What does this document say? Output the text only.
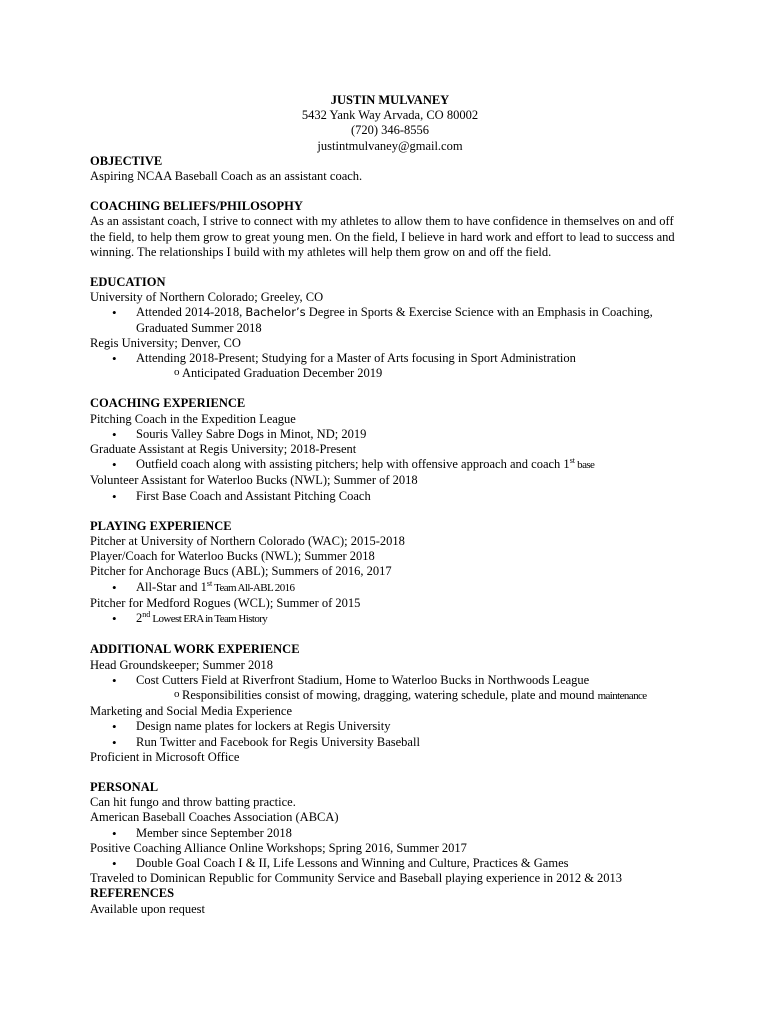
JUSTIN MULVANEY

5432 Yank Way Arvada, CO 80002

(720) 346-8556

justintmulvaney@gmail.com

OBJECTIVE

Aspiring NCAA Baseball Coach as an assistant coach.

COACHING BELIEFS/PHILOSOPHY

As an assistant coach, I strive to connect with my athletes to allow them to have confidence in themselves on and off the field, to help them grow to great young men. On the field, I believe in hard work and effort to lead to success and winning. The relationships I build with my athletes will help them grow on and off the field.

EDUCATION

University of Northern Colorado; Greeley, CO

• Attended 2014-2018, Bachelor’s Degree in Sports & Exercise Science with an Emphasis in Coaching,
Graduated Summer 2018

Regis University; Denver, CO

• Attending 2018-Present; Studying for a Master of Arts focusing in Sport Administration
o Anticipated Graduation December 2019

COACHING EXPERIENCE

Pitching Coach in the Expedition League

• Souris Valley Sabre Dogs in Minot, ND; 2019

Graduate Assistant at Regis University; 2018-Present

• Outfield coach along with assisting pitchers; help with offensive approach and coach 1st base

Volunteer Assistant for Waterloo Bucks (NWL); Summer of 2018

• First Base Coach and Assistant Pitching Coach

PLAYING EXPERIENCE

Pitcher at University of Northern Colorado (WAC); 2015-2018

Player/Coach for Waterloo Bucks (NWL); Summer 2018

Pitcher for Anchorage Bucs (ABL); Summers of 2016, 2017

• All-Star and 1st Team All-ABL 2016

Pitcher for Medford Rogues (WCL); Summer of 2015

• 2nd Lowest ERA in Team History

ADDITIONAL WORK EXPERIENCE

Head Groundskeeper; Summer 2018

• Cost Cutters Field at Riverfront Stadium, Home to Waterloo Bucks in Northwoods League
o Responsibilities consist of mowing, dragging, watering schedule, plate and mound maintenance

Marketing and Social Media Experience

• Design name plates for lockers at Regis University
• Run Twitter and Facebook for Regis University Baseball

Proficient in Microsoft Office

PERSONAL

Can hit fungo and throw batting practice.

American Baseball Coaches Association (ABCA)

• Member since September 2018

Positive Coaching Alliance Online Workshops; Spring 2016, Summer 2017

• Double Goal Coach I & II, Life Lessons and Winning and Culture, Practices & Games

Traveled to Dominican Republic for Community Service and Baseball playing experience in 2012 & 2013

REFERENCES

Available upon request
